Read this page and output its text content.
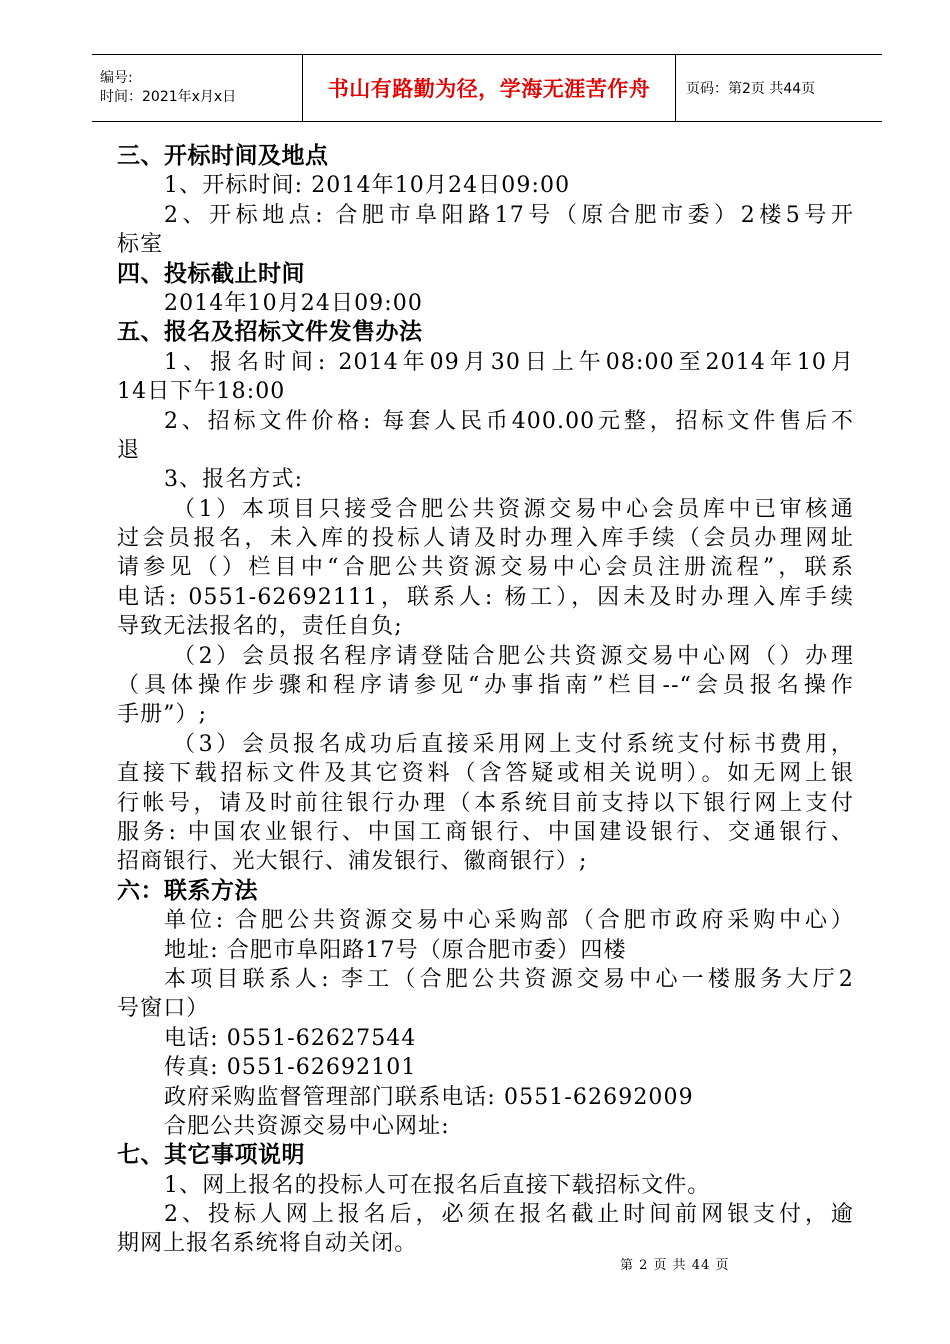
编号:
时间：2021年x月x日	书山有路勤为径，学海无涯苦作舟	页码：第2页 共44页
三、开标时间及地点
1、开标时间: 2014年10月24日09:00
2、开标地点: 合肥市阜阳路17号（原合肥市委）2楼5号开
标室
四、投标截止时间
2014年10月24日09:00
五、报名及招标文件发售办法
1、报名时间: 2014年09月30日上午08:00至2014年10月
14日下午18:00
2、招标文件价格: 每套人民币400.00元整，招标文件售后不
退
3、报名方式:
（1）本项目只接受合肥公共资源交易中心会员库中已审核通
过会员报名，未入库的投标人请及时办理入库手续（会员办理网址
请参见（）栏目中“合肥公共资源交易中心会员注册流程”，联系
电话: 0551-62692111，联系人: 杨工），因未及时办理入库手续
导致无法报名的，责任自负;
（2）会员报名程序请登陆合肥公共资源交易中心网（）办理
（具体操作步骤和程序请参见“办事指南”栏目--“会员报名操作
手册”）;
（3）会员报名成功后直接采用网上支付系统支付标书费用，
直接下载招标文件及其它资料（含答疑或相关说明）。如无网上银
行帐号，请及时前往银行办理（本系统目前支持以下银行网上支付
服务: 中国农业银行、中国工商银行、中国建设银行、交通银行、
招商银行、光大银行、浦发银行、徽商银行）;
六：联系方法
单位: 合肥公共资源交易中心采购部（合肥市政府采购中心）
地址: 合肥市阜阳路17号（原合肥市委）四楼
本项目联系人: 李工（合肥公共资源交易中心一楼服务大厅2
号窗口）
电话: 0551-62627544
传真: 0551-62692101
政府采购监督管理部门联系电话: 0551-62692009
合肥公共资源交易中心网址:
七、其它事项说明
1、网上报名的投标人可在报名后直接下载招标文件。
2、投标人网上报名后，必须在报名截止时间前网银支付，逾
期网上报名系统将自动关闭。
第 2 页 共 44 页
